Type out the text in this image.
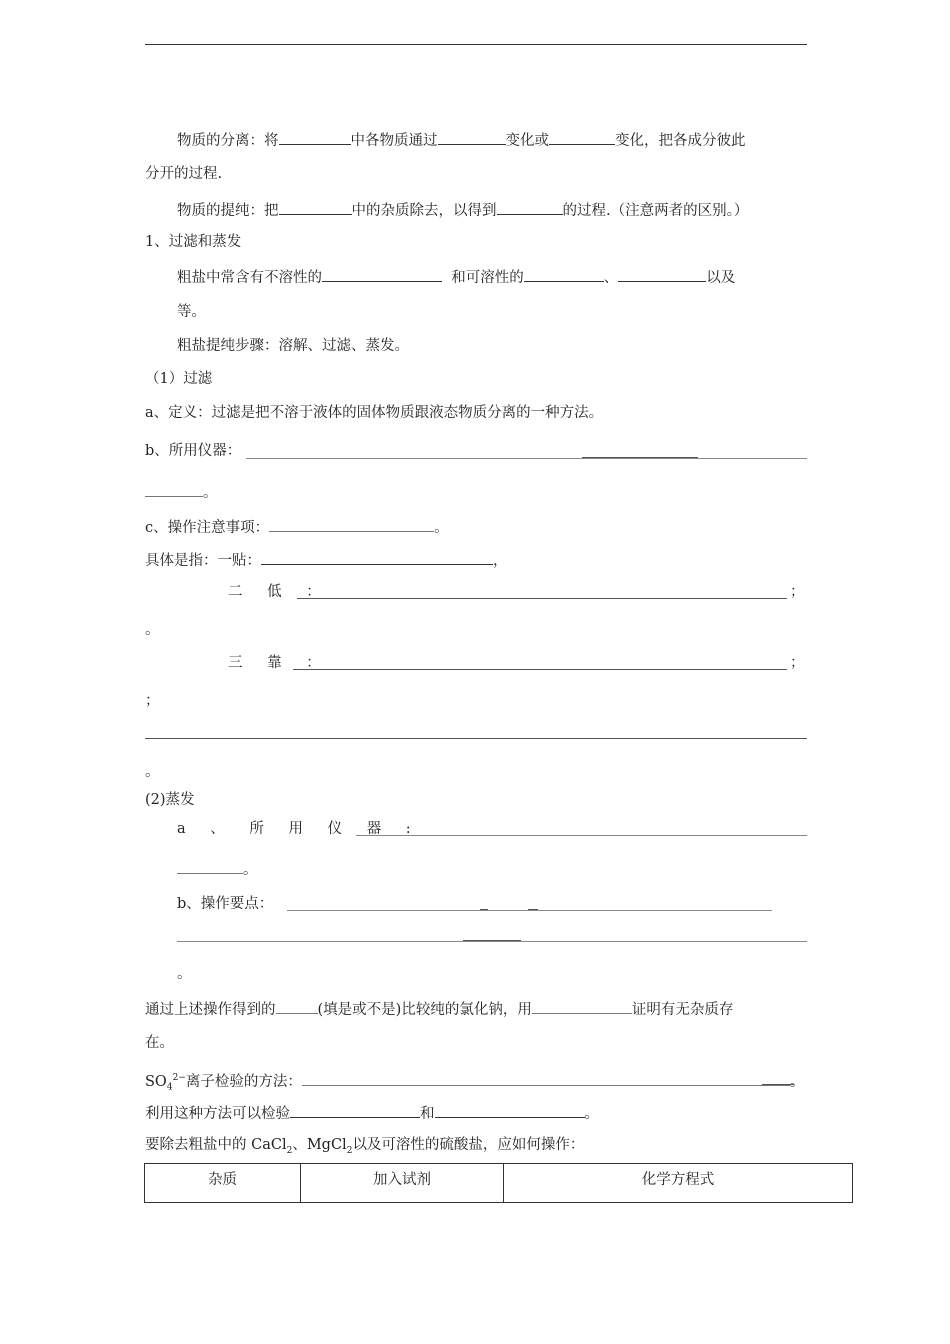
物质的分离：将	中各物质通过	变化或	变化，把各成分彼此
分开的过程.
物质的提纯：把	中的杂质除去，以得到	的过程.（注意两者的区别。）
1、过滤和蒸发
粗盐中常含有不溶性的	和可溶性的	、	以及
等。
粗盐提纯步骤：溶解、过滤、蒸发。
（1）过滤
a、定义：过滤是把不溶于液体的固体物质跟液态物质分离的一种方法。
b、所用仪器：
。
c、操作注意事项：	。
具体是指：一贴：	，
二 低 ：	；
。
三 靠 ：	；
；
。
(2)蒸发
a 、 所 用 仪 器 :
。
b、操作要点：
。
通过上述操作得到的	(填是或不是)比较纯的氯化钠，用	证明有无杂质存
在。
$SO_4^{2-}$离子检验的方法：	。
利用这种方法可以检验	和	。
要除去粗盐中的 CaCl$_2$、MgCl$_2$以及可溶性的硫酸盐，应如何操作：
杂质	加入试剂	化学方程式
